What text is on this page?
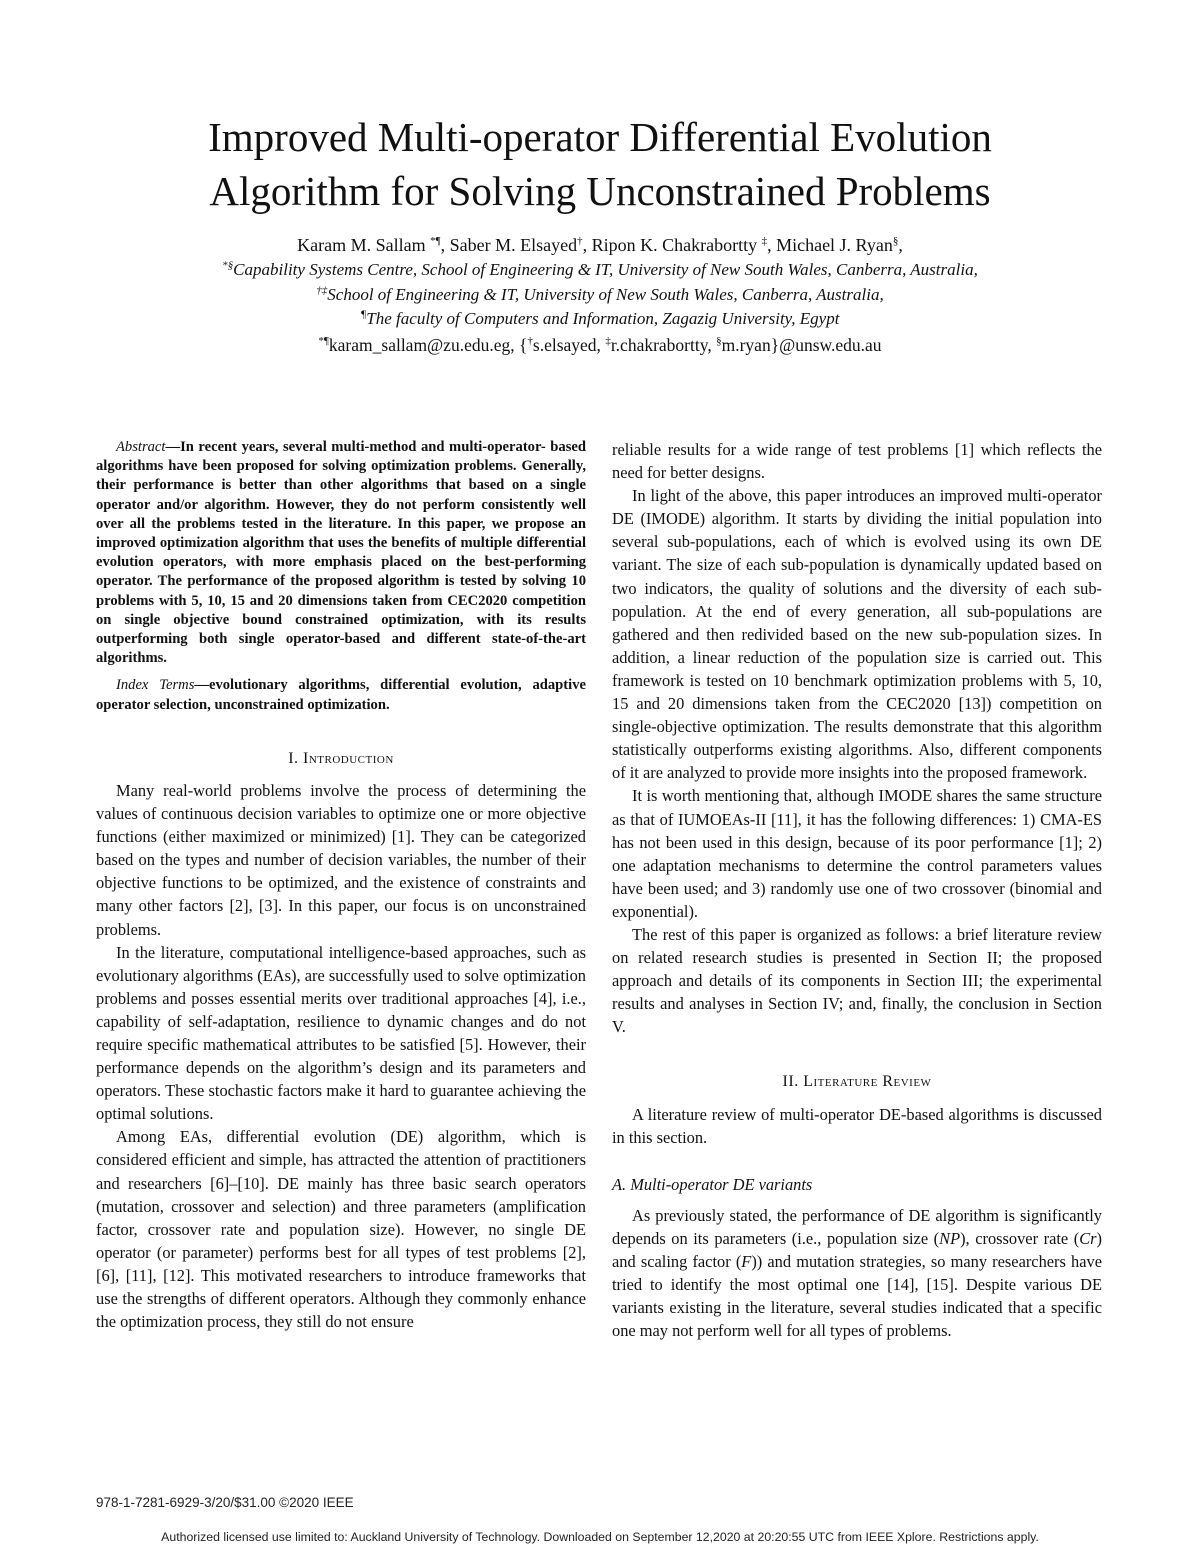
Improved Multi-operator Differential Evolution
Algorithm for Solving Unconstrained Problems
Karam M. Sallam *¶, Saber M. Elsayed†, Ripon K. Chakrabortty ‡, Michael J. Ryan§,
*§Capability Systems Centre, School of Engineering & IT, University of New South Wales, Canberra, Australia,
†‡School of Engineering & IT, University of New South Wales, Canberra, Australia,
¶The faculty of Computers and Information, Zagazig University, Egypt
*¶karam_sallam@zu.edu.eg, {†s.elsayed, ‡r.chakrabortty, §m.ryan}@unsw.edu.au

Abstract—In recent years, several multi-method and multi-operator- based algorithms have been proposed for solving optimization problems. Generally, their performance is better than other algorithms that based on a single operator and/or algorithm. However, they do not perform consistently well over all the problems tested in the literature. In this paper, we propose an improved optimization algorithm that uses the benefits of multiple differential evolution operators, with more emphasis placed on the best-performing operator. The performance of the proposed algorithm is tested by solving 10 problems with 5, 10, 15 and 20 dimensions taken from CEC2020 competition on single objective bound constrained optimization, with its results outperforming both single operator-based and different state-of-the-art algorithms.

Index Terms—evolutionary algorithms, differential evolution, adaptive operator selection, unconstrained optimization.

I. Introduction

Many real-world problems involve the process of determining the values of continuous decision variables to optimize one or more objective functions (either maximized or minimized) [1]. They can be categorized based on the types and number of decision variables, the number of their objective functions to be optimized, and the existence of constraints and many other factors [2], [3]. In this paper, our focus is on unconstrained problems.

In the literature, computational intelligence-based approaches, such as evolutionary algorithms (EAs), are successfully used to solve optimization problems and posses essential merits over traditional approaches [4], i.e., capability of self-adaptation, resilience to dynamic changes and do not require specific mathematical attributes to be satisfied [5]. However, their performance depends on the algorithm’s design and its parameters and operators. These stochastic factors make it hard to guarantee achieving the optimal solutions.

Among EAs, differential evolution (DE) algorithm, which is considered efficient and simple, has attracted the attention of practitioners and researchers [6]–[10]. DE mainly has three basic search operators (mutation, crossover and selection) and three parameters (amplification factor, crossover rate and population size). However, no single DE operator (or parameter) performs best for all types of test problems [2], [6], [11], [12]. This motivated researchers to introduce frameworks that use the strengths of different operators. Although they commonly enhance the optimization process, they still do not ensure

reliable results for a wide range of test problems [1] which reflects the need for better designs.

In light of the above, this paper introduces an improved multi-operator DE (IMODE) algorithm. It starts by dividing the initial population into several sub-populations, each of which is evolved using its own DE variant. The size of each sub-population is dynamically updated based on two indicators, the quality of solutions and the diversity of each sub-population. At the end of every generation, all sub-populations are gathered and then redivided based on the new sub-population sizes. In addition, a linear reduction of the population size is carried out. This framework is tested on 10 benchmark optimization problems with 5, 10, 15 and 20 dimensions taken from the CEC2020 [13]) competition on single-objective optimization. The results demonstrate that this algorithm statistically outperforms existing algorithms. Also, different components of it are analyzed to provide more insights into the proposed framework.

It is worth mentioning that, although IMODE shares the same structure as that of IUMOEAs-II [11], it has the following differences: 1) CMA-ES has not been used in this design, because of its poor performance [1]; 2) one adaptation mechanisms to determine the control parameters values have been used; and 3) randomly use one of two crossover (binomial and exponential).

The rest of this paper is organized as follows: a brief literature review on related research studies is presented in Section II; the proposed approach and details of its components in Section III; the experimental results and analyses in Section IV; and, finally, the conclusion in Section V.

II. Literature Review

A literature review of multi-operator DE-based algorithms is discussed in this section.

A. Multi-operator DE variants

As previously stated, the performance of DE algorithm is significantly depends on its parameters (i.e., population size (NP), crossover rate (Cr) and scaling factor (F)) and mutation strategies, so many researchers have tried to identify the most optimal one [14], [15]. Despite various DE variants existing in the literature, several studies indicated that a specific one may not perform well for all types of problems.

978-1-7281-6929-3/20/$31.00 ©2020 IEEE
Authorized licensed use limited to: Auckland University of Technology. Downloaded on September 12,2020 at 20:20:55 UTC from IEEE Xplore. Restrictions apply.
